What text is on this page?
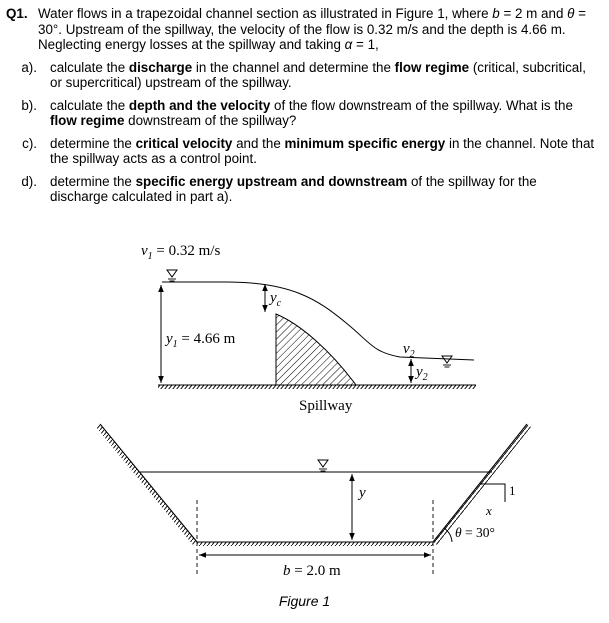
Q1. Water flows in a trapezoidal channel section as illustrated in Figure 1, where b = 2 m and θ = 30°. Upstream of the spillway, the velocity of the flow is 0.32 m/s and the depth is 4.66 m. Neglecting energy losses at the spillway and taking α = 1,
a). calculate the discharge in the channel and determine the flow regime (critical, subcritical, or supercritical) upstream of the spillway.
b). calculate the depth and the velocity of the flow downstream of the spillway. What is the flow regime downstream of the spillway?
c). determine the critical velocity and the minimum specific energy in the channel. Note that the spillway acts as a control point.
d). determine the specific energy upstream and downstream of the spillway for the discharge calculated in part a).
$v_1 = 0.32$ m/s
$y_1 = 4.66$ m
$y_c$
$v_2$
$y_2$
Spillway
y
x
1
θ = 30°
b = 2.0 m
Figure 1
